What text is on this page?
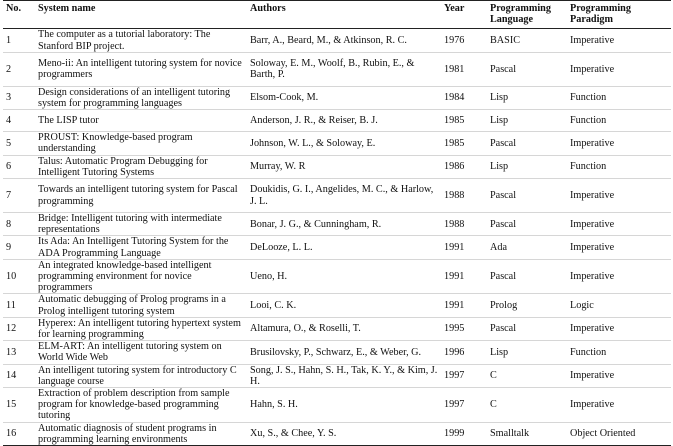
No.	System name	Authors	Year	Programming Language	Programming Paradigm
1	The computer as a tutorial laboratory: The Stanford BIP project.	Barr, A., Beard, M., & Atkinson, R. C.	1976	BASIC	Imperative
2	Meno-ii: An intelligent tutoring system for novice programmers	Soloway, E. M., Woolf, B., Rubin, E., & Barth, P.	1981	Pascal	Imperative
3	Design considerations of an intelligent tutoring system for programming languages	Elsom-Cook, M.	1984	Lisp	Function
4	The LISP tutor	Anderson, J. R., & Reiser, B. J.	1985	Lisp	Function
5	PROUST: Knowledge-based program understanding	Johnson, W. L., & Soloway, E.	1985	Pascal	Imperative
6	Talus: Automatic Program Debugging for Intelligent Tutoring Systems	Murray, W. R	1986	Lisp	Function
7	Towards an intelligent tutoring system for Pascal programming	Doukidis, G. I., Angelides, M. C., & Harlow, J. L.	1988	Pascal	Imperative
8	Bridge: Intelligent tutoring with intermediate representations	Bonar, J. G., & Cunningham, R.	1988	Pascal	Imperative
9	Its Ada: An Intelligent Tutoring System for the ADA Programming Language	DeLooze, L. L.	1991	Ada	Imperative
10	An integrated knowledge-based intelligent programming environment for novice programmers	Ueno, H.	1991	Pascal	Imperative
11	Automatic debugging of Prolog programs in a Prolog intelligent tutoring system	Looi, C. K.	1991	Prolog	Logic
12	Hyperex: An intelligent tutoring hypertext system for learning programming	Altamura, O., & Roselli, T.	1995	Pascal	Imperative
13	ELM-ART: An intelligent tutoring system on World Wide Web	Brusilovsky, P., Schwarz, E., & Weber, G.	1996	Lisp	Function
14	An intelligent tutoring system for introductory C language course	Song, J. S., Hahn, S. H., Tak, K. Y., & Kim, J. H.	1997	C	Imperative
15	Extraction of problem description from sample program for knowledge-based programming tutoring	Hahn, S. H.	1997	C	Imperative
16	Automatic diagnosis of student programs in programming learning environments	Xu, S., & Chee, Y. S.	1999	Smalltalk	Object Oriented
